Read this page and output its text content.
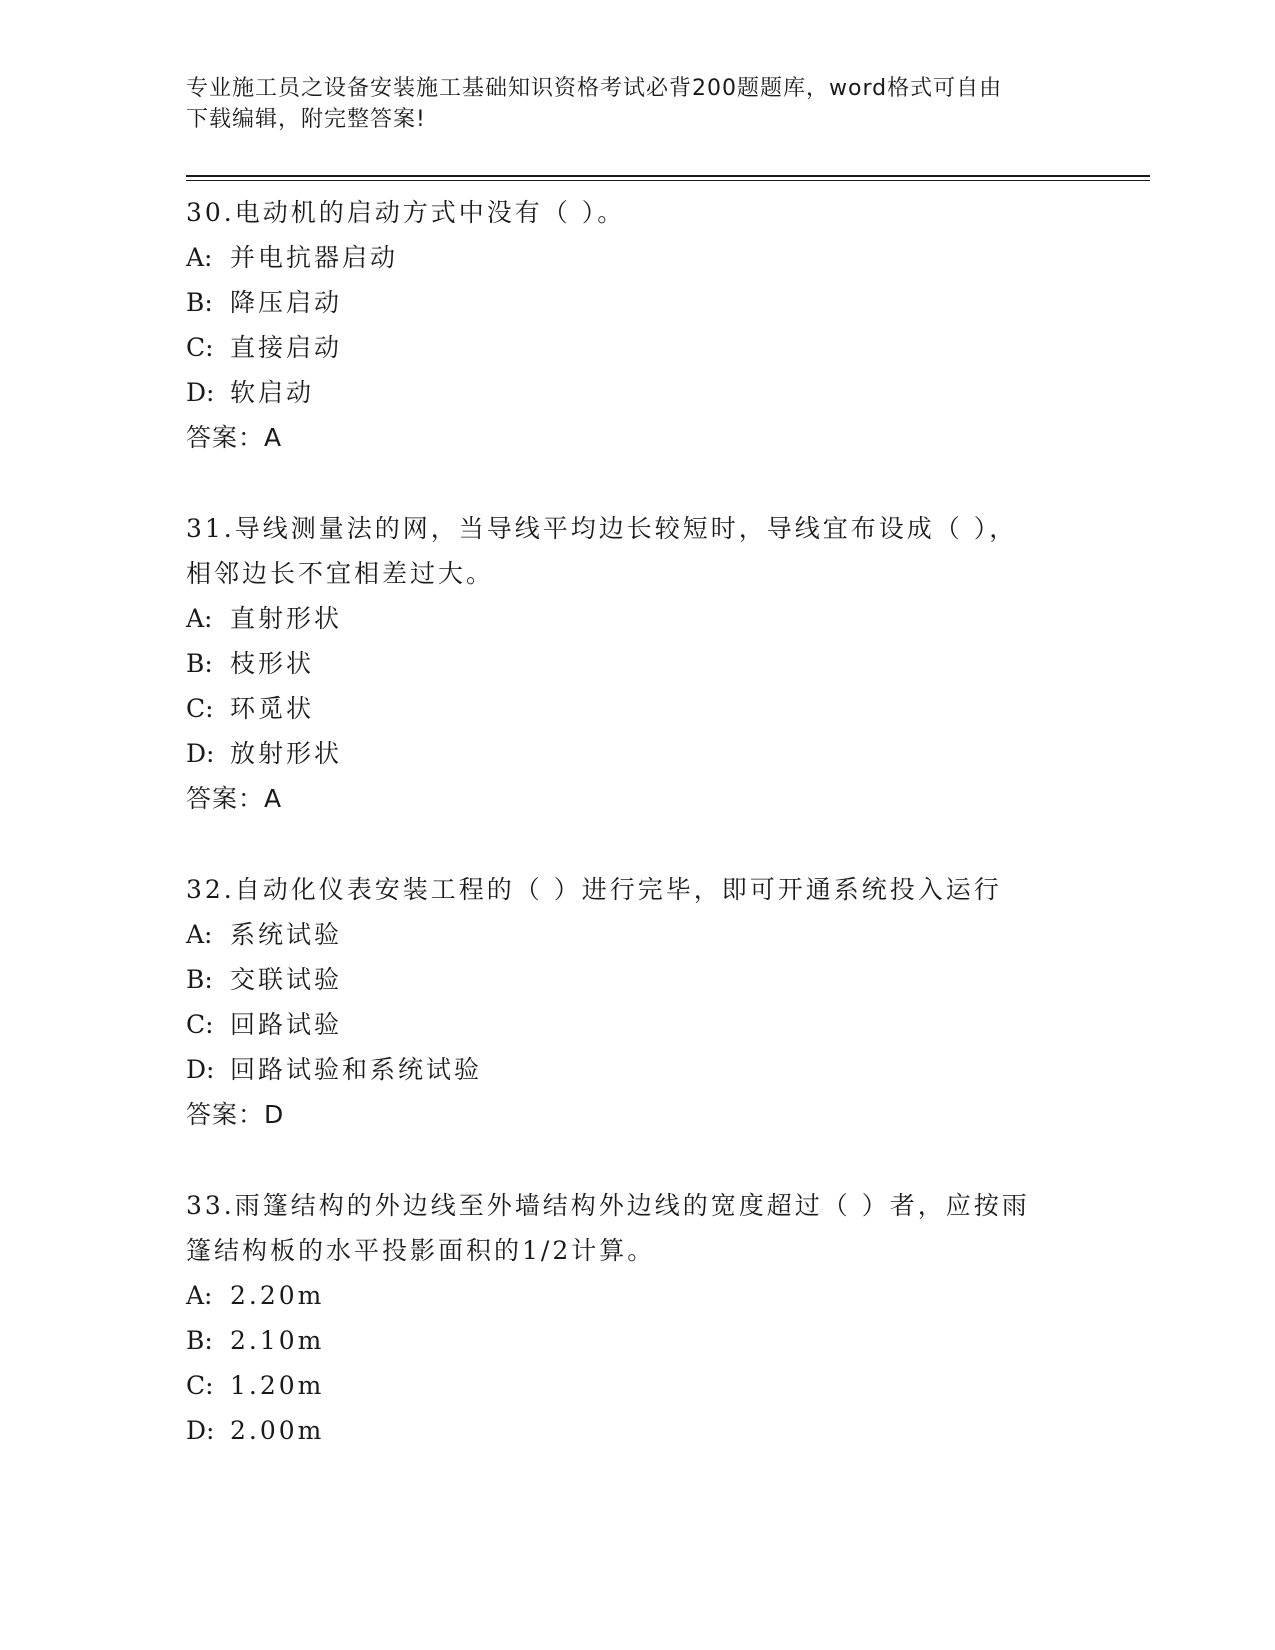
专业施工员之设备安装施工基础知识资格考试必背200题题库，word格式可自由
下载编辑，附完整答案!
30.电动机的启动方式中没有（ ）。
A: 并电抗器启动
B: 降压启动
C: 直接启动
D: 软启动
答案：A
31.导线测量法的网，当导线平均边长较短时，导线宜布设成（ ），
相邻边长不宜相差过大。
A: 直射形状
B: 枝形状
C: 环觅状
D: 放射形状
答案：A
32.自动化仪表安装工程的（ ）进行完毕，即可开通系统投入运行
A: 系统试验
B: 交联试验
C: 回路试验
D: 回路试验和系统试验
答案：D
33.雨篷结构的外边线至外墙结构外边线的宽度超过（ ）者，应按雨
篷结构板的水平投影面积的1/2计算。
A: 2.20m
B: 2.10m
C: 1.20m
D: 2.00m
